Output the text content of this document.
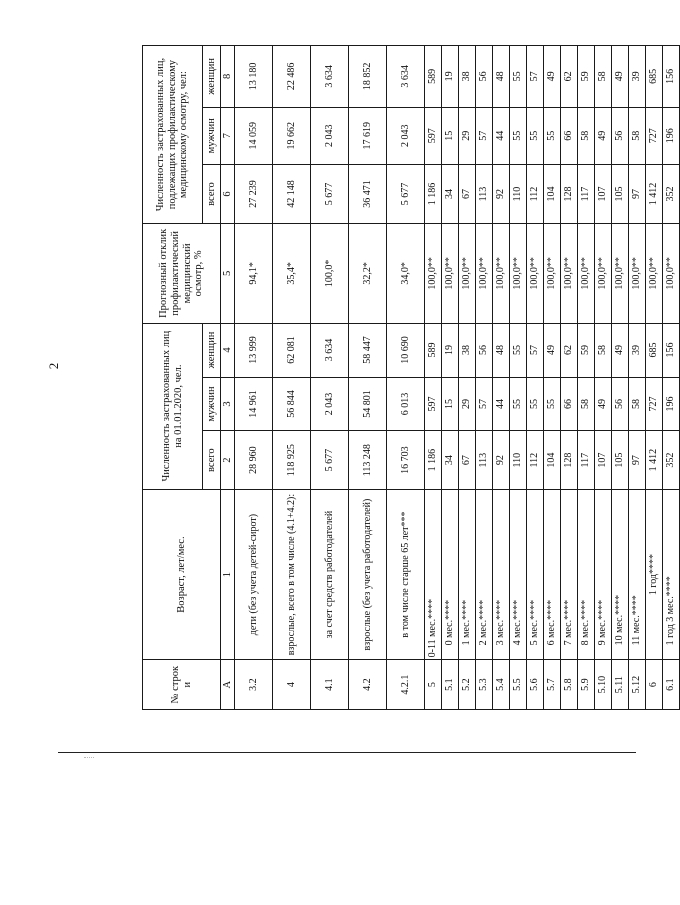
2
№ строк и	Возраст, лет/мес.	Численность застрахованных лиц на 01.01.2020, чел.			Прогнозный отклик профилактический медицинский осмотр, %	Численность застрахованных лиц, подлежащих профилактическому медицинскому осмотру, чел:		
		всего	мужчин	женщин		всего	мужчин	женщин
А	1	2	3	4	5	6	7	8
3.2	дети (без учета детей-сирот)	28 960	14 961	13 999	94,1*	27 239	14 059	13 180
4	взрослые, всего в том числе (4.1+4.2):	118 925	56 844	62 081	35,4*	42 148	19 662	22 486
4.1	за счет средств работодателей	5 677	2 043	3 634	100,0*	5 677	2 043	3 634
4.2	взрослые (без учета работодателей)	113 248	54 801	58 447	32,2*	36 471	17 619	18 852
4.2.1	в том числе старше 65 лет***	16 703	6 013	10 690	34,0*	5 677	2 043	3 634
5	0-11 мес.****	1 186	597	589	100,0**	1 186	597	589
5.1	0 мес.****	34	15	19	100,0**	34	15	19
5.2	1 мес.****	67	29	38	100,0**	67	29	38
5.3	2 мес.****	113	57	56	100,0**	113	57	56
5.4	3 мес.****	92	44	48	100,0**	92	44	48
5.5	4 мес.****	110	55	55	100,0**	110	55	55
5.6	5 мес.****	112	55	57	100,0**	112	55	57
5.7	6 мес.****	104	55	49	100,0**	104	55	49
5.8	7 мес.****	128	66	62	100,0**	128	66	62
5.9	8 мес.****	117	58	59	100,0**	117	58	59
5.10	9 мес.****	107	49	58	100,0**	107	49	58
5.11	10 мес.****	105	56	49	100,0**	105	56	49
5.12	11 мес.****	97	58	39	100,0**	97	58	39
6	1 год****	1 412	727	685	100,0**	1 412	727	685
6.1	1 год 3 мес.****	352	196	156	100,0**	352	196	156
